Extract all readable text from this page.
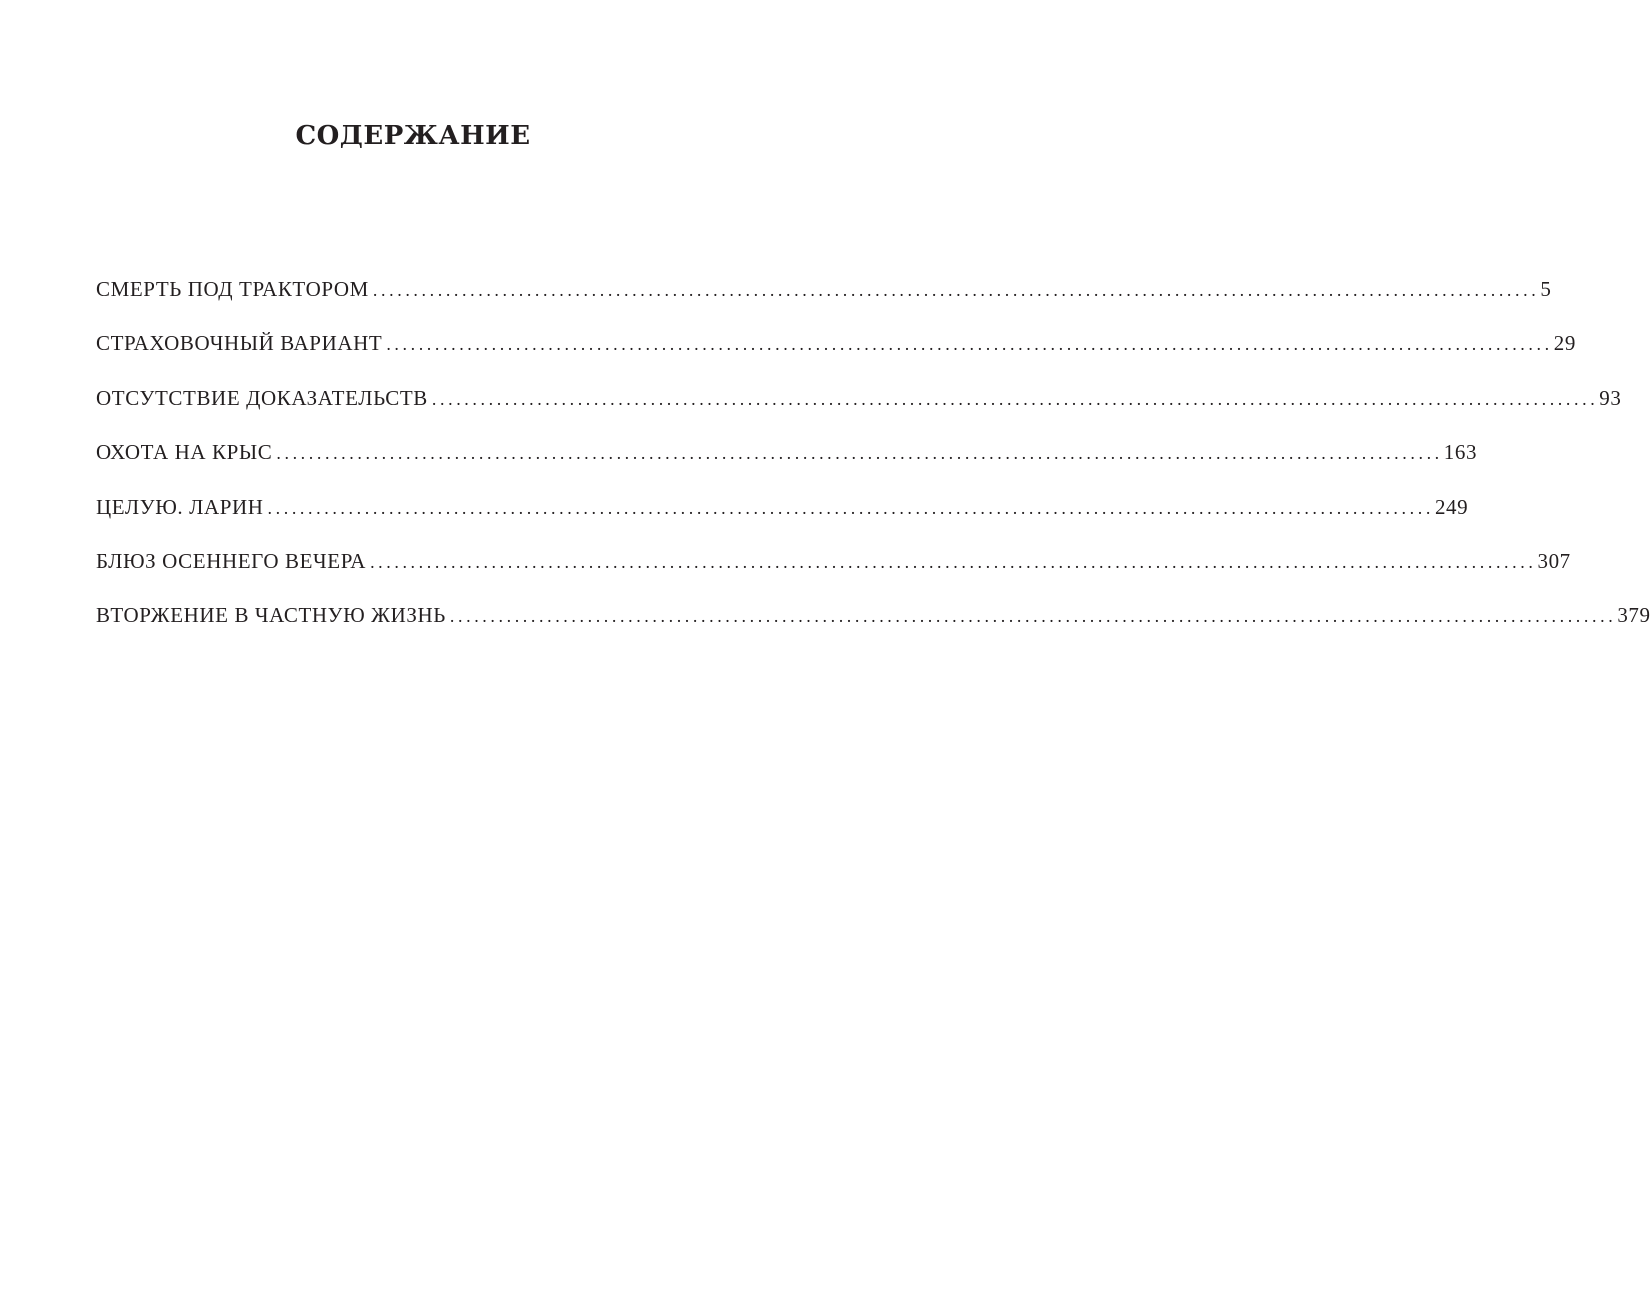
СОДЕРЖАНИЕ
СМЕРТЬ ПОД ТРАКТОРОМ ................................................................................................................................................ 5
СТРАХОВОЧНЫЙ ВАРИАНТ ................................................................................................................................................ 29
ОТСУТСТВИЕ ДОКАЗАТЕЛЬСТВ ................................................................................................................................................ 93
ОХОТА НА КРЫС ................................................................................................................................................ 163
ЦЕЛУЮ. ЛАРИН ................................................................................................................................................ 249
БЛЮЗ ОСЕННЕГО ВЕЧЕРА ................................................................................................................................................ 307
ВТОРЖЕНИЕ В ЧАСТНУЮ ЖИЗНЬ ................................................................................................................................................ 379
